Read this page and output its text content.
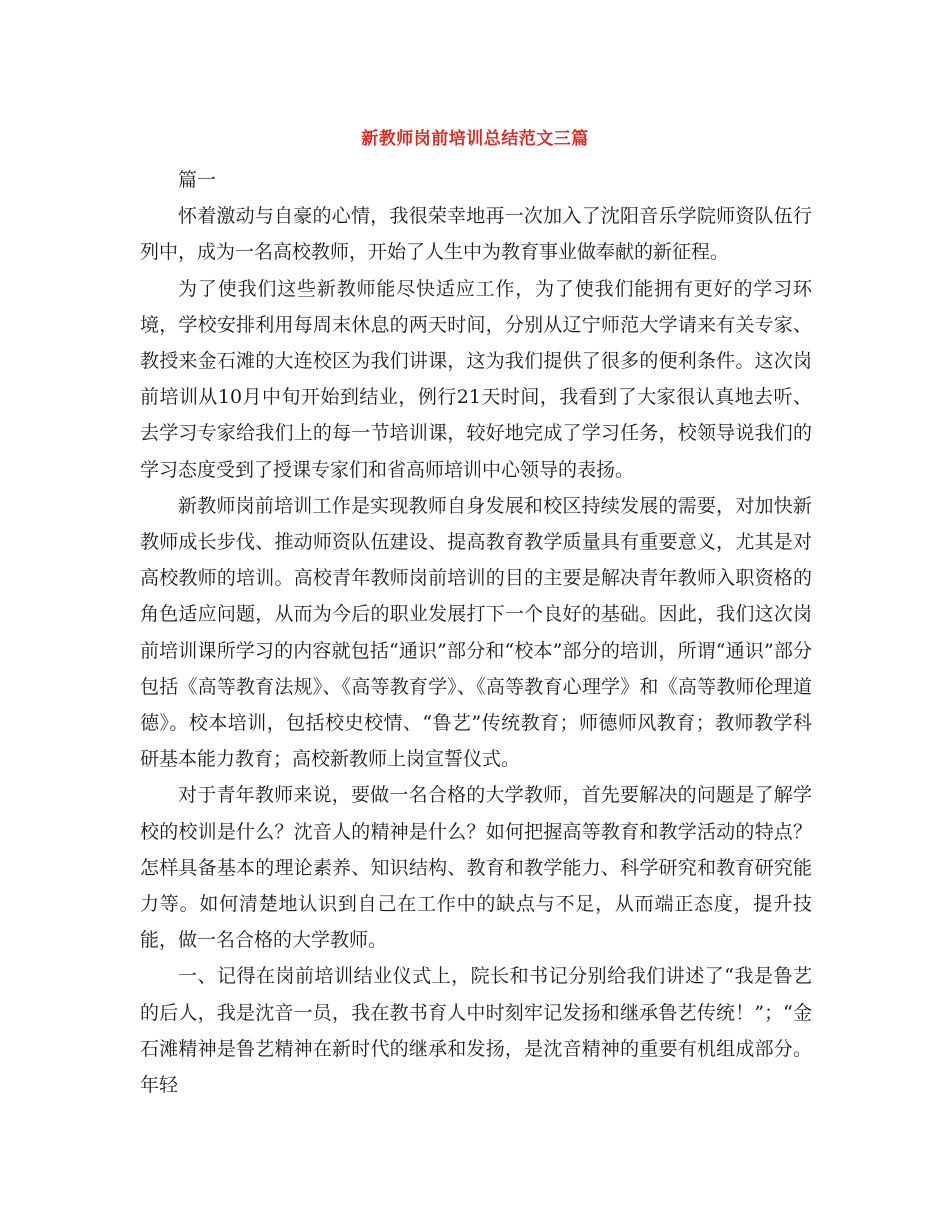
新教师岗前培训总结范文三篇

篇一

怀着激动与自豪的心情，我很荣幸地再一次加入了沈阳音乐学院师资队伍行列中，成为一名高校教师，开始了人生中为教育事业做奉献的新征程。

为了使我们这些新教师能尽快适应工作，为了使我们能拥有更好的学习环境，学校安排利用每周末休息的两天时间，分别从辽宁师范大学请来有关专家、教授来金石滩的大连校区为我们讲课，这为我们提供了很多的便利条件。这次岗前培训从10月中旬开始到结业，例行21天时间，我看到了大家很认真地去听、去学习专家给我们上的每一节培训课，较好地完成了学习任务，校领导说我们的学习态度受到了授课专家们和省高师培训中心领导的表扬。

新教师岗前培训工作是实现教师自身发展和校区持续发展的需要，对加快新教师成长步伐、推动师资队伍建设、提高教育教学质量具有重要意义，尤其是对高校教师的培训。高校青年教师岗前培训的目的主要是解决青年教师入职资格的角色适应问题，从而为今后的职业发展打下一个良好的基础。因此，我们这次岗前培训课所学习的内容就包括“通识”部分和“校本”部分的培训，所谓“通识”部分包括《高等教育法规》、《高等教育学》、《高等教育心理学》和《高等教师伦理道德》。校本培训，包括校史校情、“鲁艺”传统教育；师德师风教育；教师教学科研基本能力教育；高校新教师上岗宣誓仪式。

对于青年教师来说，要做一名合格的大学教师，首先要解决的问题是了解学校的校训是什么？沈音人的精神是什么？如何把握高等教育和教学活动的特点？怎样具备基本的理论素养、知识结构、教育和教学能力、科学研究和教育研究能力等。如何清楚地认识到自己在工作中的缺点与不足，从而端正态度，提升技能，做一名合格的大学教师。

一、记得在岗前培训结业仪式上，院长和书记分别给我们讲述了“我是鲁艺的后人，我是沈音一员，我在教书育人中时刻牢记发扬和继承鲁艺传统！”；“金石滩精神是鲁艺精神在新时代的继承和发扬，是沈音精神的重要有机组成部分。年轻
